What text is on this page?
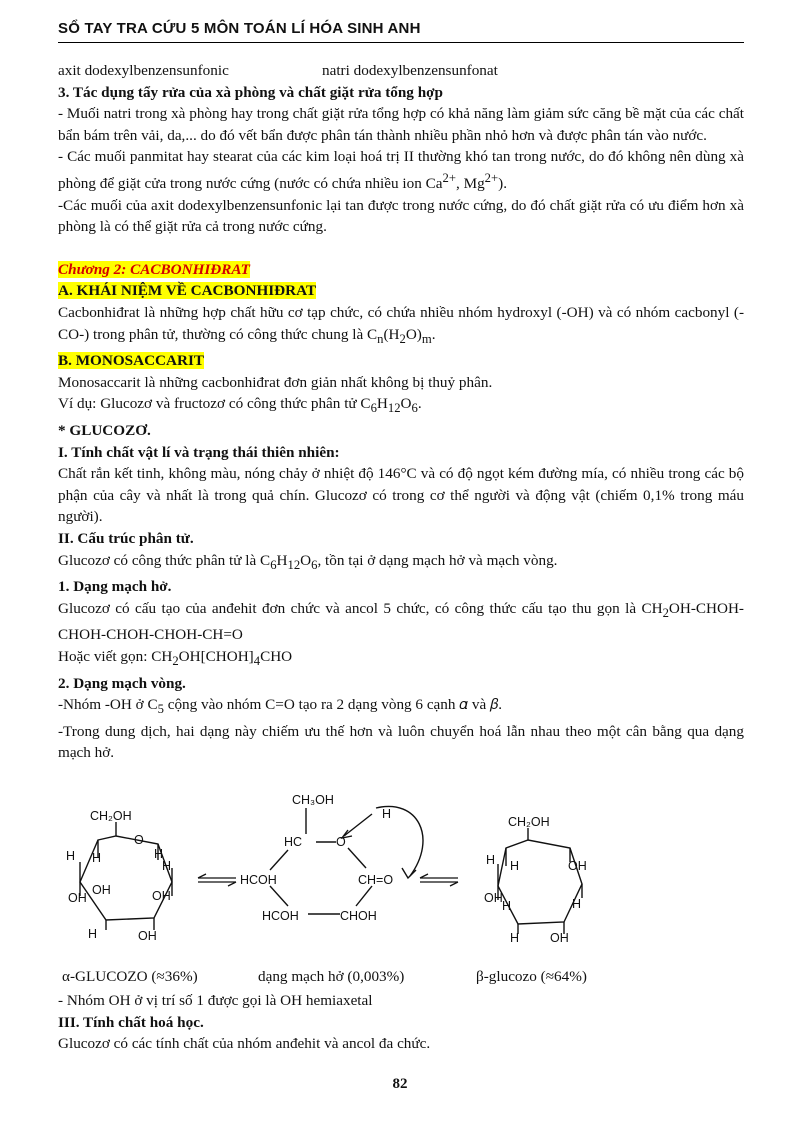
SỔ TAY TRA CỨU 5 MÔN TOÁN LÍ HÓA SINH ANH

axit dodexylbenzensunfonic	natri dodexylbenzensunfonat

3. Tác dụng tẩy rửa của xà phòng và chất giặt rửa tổng hợp

- Muối natri trong xà phòng hay trong chất giặt rửa tổng hợp có khả năng làm giảm sức căng bề mặt của các chất bẩn bám trên vải, da,... do đó vết bẩn được phân tán thành nhiều phần nhỏ hơn và được phân tán vào nước.

- Các muối panmitat hay stearat của các kim loại hoá trị II thường khó tan trong nước, do đó không nên dùng xà phòng để giặt cửa trong nước cứng (nước có chứa nhiều ion $Ca^{2+}$, $Mg^{2+}$).

-Các muối của axit dodexylbenzensunfonic lại tan được trong nước cứng, do đó chất giặt rửa có ưu điểm hơn xà phòng là có thể giặt rửa cả trong nước cứng.

Chương 2: CACBONHIĐRAT

A. KHÁI NIỆM VỀ CACBONHIĐRAT

Cacbonhiđrat là những hợp chất hữu cơ tạp chức, có chứa nhiều nhóm hydroxyl (-OH) và có nhóm cacbonyl (-CO-) trong phân tử, thường có công thức chung là $C_n(H_2O)_m$.

B. MONOSACCARIT

Monosaccarit là những cacbonhiđrat đơn giản nhất không bị thuỷ phân.

Ví dụ: Glucozơ và fructozơ có công thức phân tử $C_6H_{12}O_6$.

* GLUCOZƠ.

I. Tính chất vật lí và trạng thái thiên nhiên:

Chất rắn kết tinh, không màu, nóng chảy ở nhiệt độ 146°C và có độ ngọt kém đường mía, có nhiều trong các bộ phận của cây và nhất là trong quả chín. Glucozơ có trong cơ thể người và động vật (chiếm 0,1% trong máu người).

II. Cấu trúc phân tử.

Glucozơ có công thức phân tử là $C_6H_{12}O_6$, tồn tại ở dạng mạch hở và mạch vòng.

1. Dạng mạch hở.

Glucozơ có cấu tạo của anđehit đơn chức và ancol 5 chức, có công thức cấu tạo thu gọn là $CH_2OH-CHOH-CHOH-CHOH-CHOH-CH=O$

Hoặc viết gọn: $CH_2OH[CHOH]_4CHO$

2. Dạng mạch vòng.

-Nhóm -OH ở $C_5$ cộng vào nhóm C=O tạo ra 2 dạng vòng 6 cạnh 𝛼 và 𝛽.

-Trong dung dịch, hai dạng này chiếm ưu thế hơn và luôn chuyển hoá lẫn nhau theo một cân bằng qua dạng mạch hở.

CH₂OH
O
H H	H
OH
OH	OH
H
H	OH
CH₃OH
HC	O
H
HCOH	CH=O
HCOH	CHOH
CH₂OH
H H	OH
OH
H	H
H OH
α-GLUCOZO (≈36%)	dạng mạch hở (0,003%)	β-glucozo (≈64%)

- Nhóm OH ở vị trí số 1 được gọi là OH hemiaxetal

III. Tính chất hoá học.

Glucozơ có các tính chất của nhóm anđehit và ancol đa chức.

82
